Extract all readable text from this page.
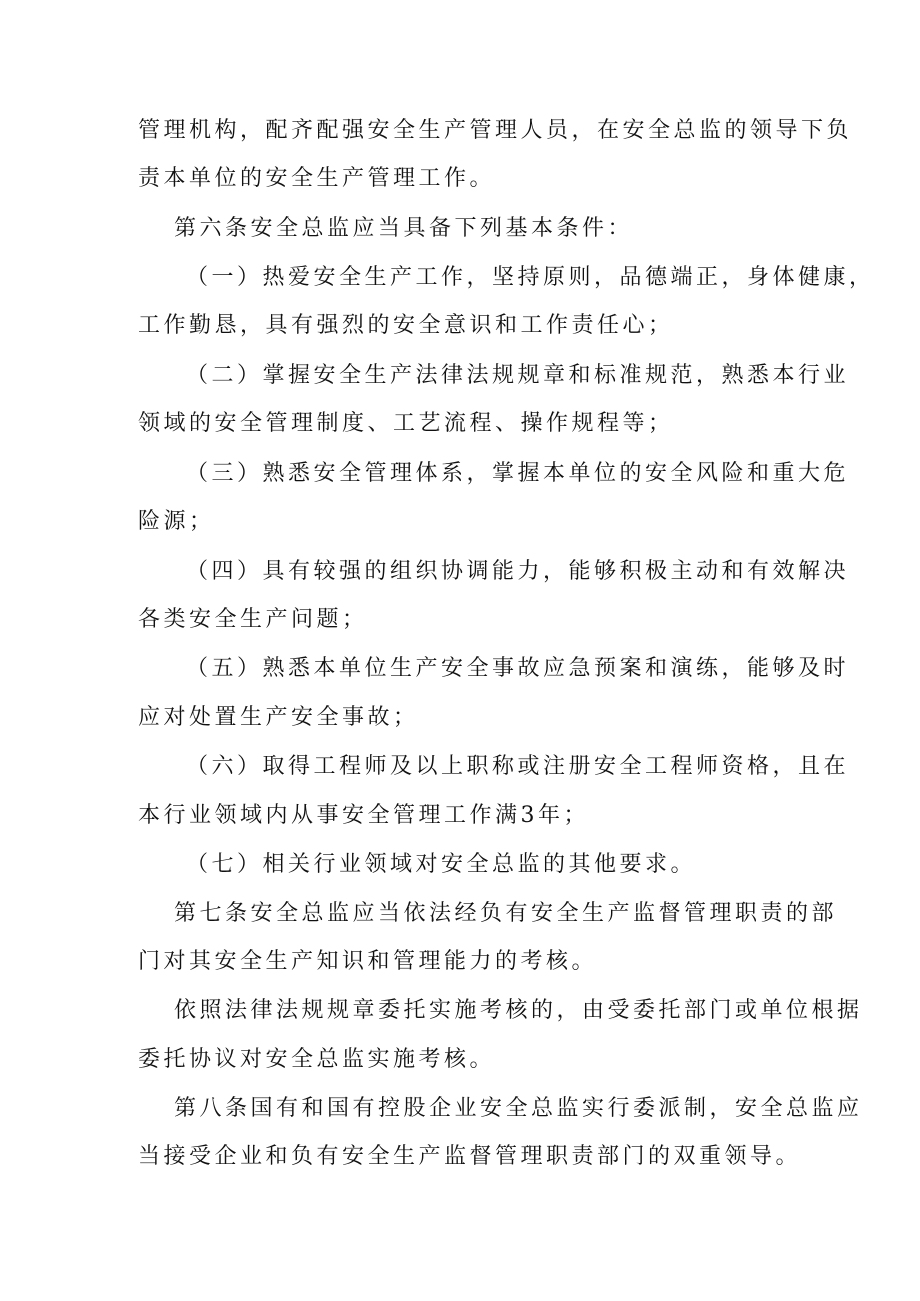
管理机构，配齐配强安全生产管理人员，在安全总监的领导下负
责本单位的安全生产管理工作。
第六条安全总监应当具备下列基本条件：
（一）热爱安全生产工作，坚持原则，品德端正，身体健康，
工作勤恳，具有强烈的安全意识和工作责任心；
（二）掌握安全生产法律法规规章和标准规范，熟悉本行业
领域的安全管理制度、工艺流程、操作规程等；
（三）熟悉安全管理体系，掌握本单位的安全风险和重大危
险源；
（四）具有较强的组织协调能力，能够积极主动和有效解决
各类安全生产问题；
（五）熟悉本单位生产安全事故应急预案和演练，能够及时
应对处置生产安全事故；
（六）取得工程师及以上职称或注册安全工程师资格，且在
本行业领域内从事安全管理工作满3年；
（七）相关行业领域对安全总监的其他要求。
第七条安全总监应当依法经负有安全生产监督管理职责的部
门对其安全生产知识和管理能力的考核。
依照法律法规规章委托实施考核的，由受委托部门或单位根据
委托协议对安全总监实施考核。
第八条国有和国有控股企业安全总监实行委派制，安全总监应
当接受企业和负有安全生产监督管理职责部门的双重领导。
